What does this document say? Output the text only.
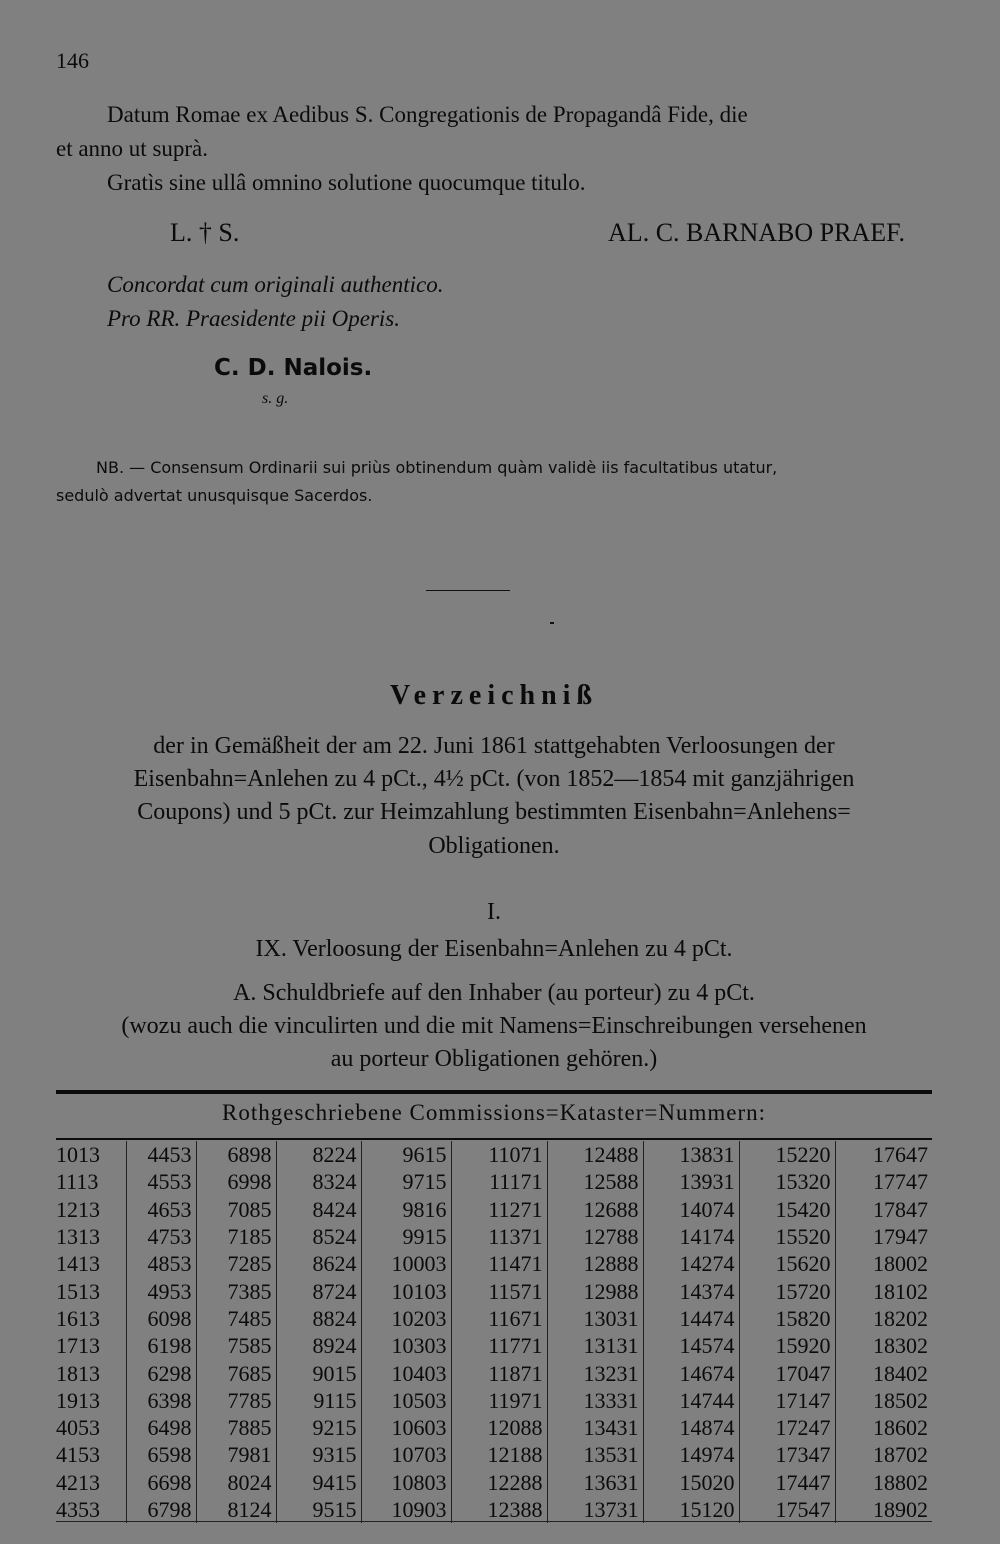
146
Datum Romae ex Aedibus S. Congregationis de Propagandâ Fide, die
et anno ut suprà.
Gratìs sine ullâ omnino solutione quocumque titulo.
L. † S.	AL. C. BARNABO PRAEF.
Concordat cum originali authentico.
Pro RR. Praesidente pii Operis.
C. D. Nalois.
s. g.
NB. — Consensum Ordinarii sui priùs obtinendum quàm validè iis facultatibus utatur,
sedulò advertat unusquisque Sacerdos.
Verzeichniß
der in Gemäßheit der am 22. Juni 1861 stattgehabten Verloosungen der
Eisenbahn=Anlehen zu 4 pCt., 4½ pCt. (von 1852—1854 mit ganzjährigen
Coupons) und 5 pCt. zur Heimzahlung bestimmten Eisenbahn=Anlehens=
Obligationen.
I.
IX. Verloosung der Eisenbahn=Anlehen zu 4 pCt.
A. Schuldbriefe auf den Inhaber (au porteur) zu 4 pCt.
(wozu auch die vinculirten und die mit Namens=Einschreibungen versehenen
au porteur Obligationen gehören.)
Rothgeschriebene Commissions=Kataster=Nummern:
1013	4453	6898	8224	9615	11071	12488	13831	15220	17647
1113	4553	6998	8324	9715	11171	12588	13931	15320	17747
1213	4653	7085	8424	9816	11271	12688	14074	15420	17847
1313	4753	7185	8524	9915	11371	12788	14174	15520	17947
1413	4853	7285	8624	10003	11471	12888	14274	15620	18002
1513	4953	7385	8724	10103	11571	12988	14374	15720	18102
1613	6098	7485	8824	10203	11671	13031	14474	15820	18202
1713	6198	7585	8924	10303	11771	13131	14574	15920	18302
1813	6298	7685	9015	10403	11871	13231	14674	17047	18402
1913	6398	7785	9115	10503	11971	13331	14744	17147	18502
4053	6498	7885	9215	10603	12088	13431	14874	17247	18602
4153	6598	7981	9315	10703	12188	13531	14974	17347	18702
4213	6698	8024	9415	10803	12288	13631	15020	17447	18802
4353	6798	8124	9515	10903	12388	13731	15120	17547	18902
